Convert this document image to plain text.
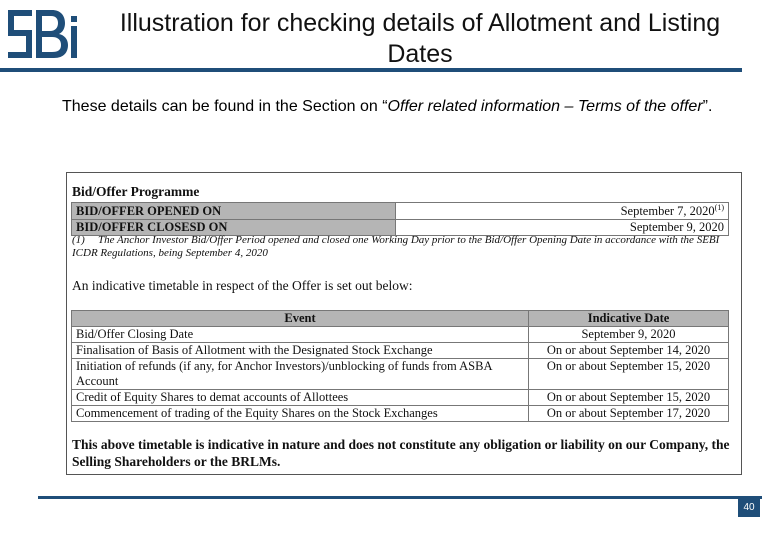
Illustration for checking details of Allotment and Listing Dates

These details can be found in the Section on “Offer related information – Terms of the offer”.

Bid/Offer Programme
BID/OFFER OPENED ON	September 7, 2020$^{(1)}$
BID/OFFER CLOSESD ON	September 9, 2020
(1) The Anchor Investor Bid/Offer Period opened and closed one Working Day prior to the Bid/Offer Opening Date in accordance with the SEBI ICDR Regulations, being September 4, 2020
An indicative timetable in respect of the Offer is set out below:
Event	Indicative Date
Bid/Offer Closing Date	September 9, 2020
Finalisation of Basis of Allotment with the Designated Stock Exchange	On or about September 14, 2020
Initiation of refunds (if any, for Anchor Investors)/unblocking of funds from ASBA Account	On or about September 15, 2020
Credit of Equity Shares to demat accounts of Allottees	On or about September 15, 2020
Commencement of trading of the Equity Shares on the Stock Exchanges	On or about September 17, 2020
This above timetable is indicative in nature and does not constitute any obligation or liability on our Company, the Selling Shareholders or the BRLMs.
40
